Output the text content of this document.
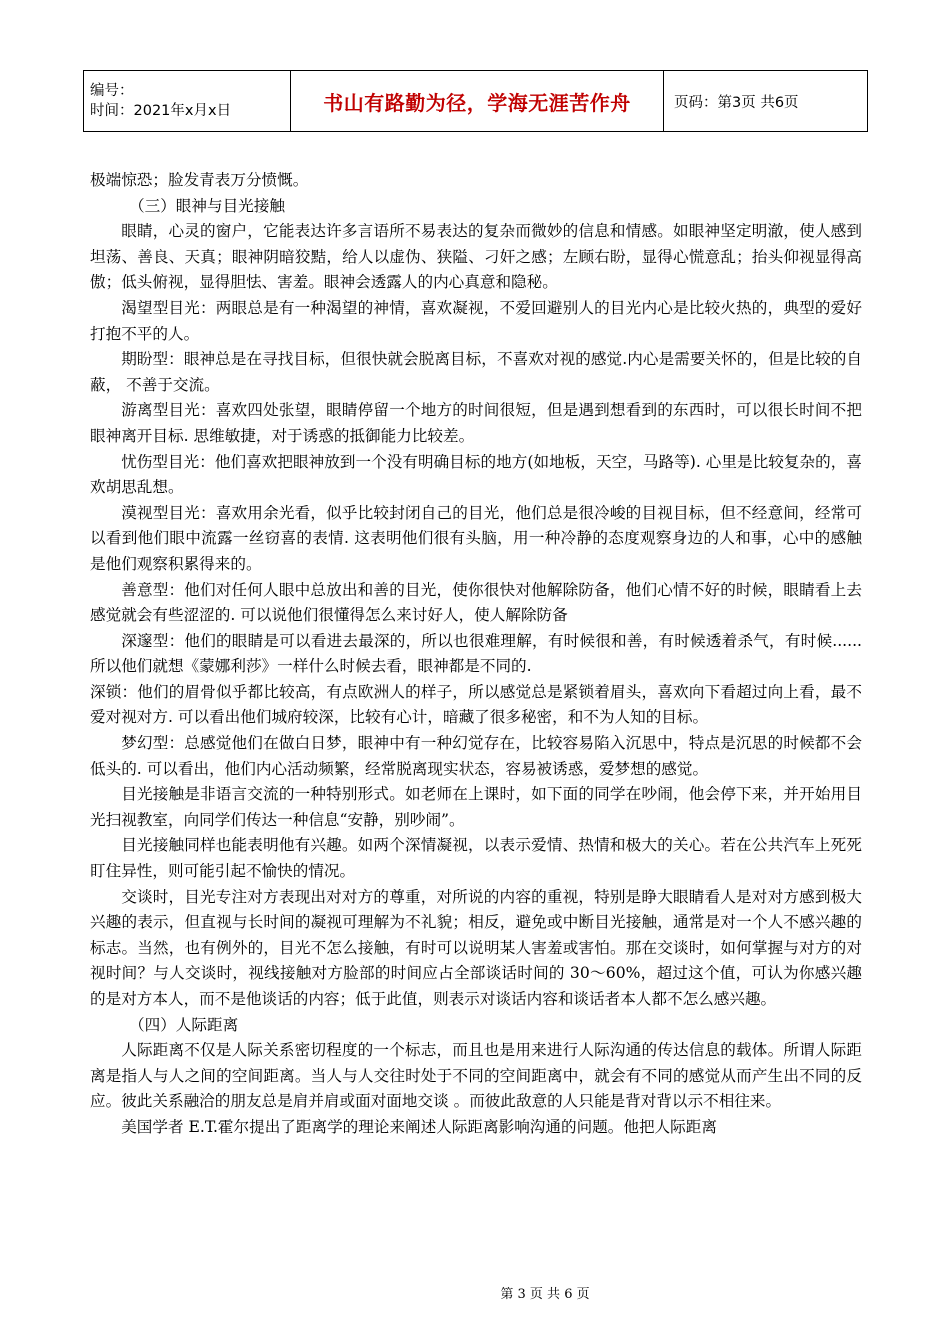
编号：
时间：2021年x月x日	书山有路勤为径，学海无涯苦作舟	页码：第3页 共6页

极端惊恐；脸发青表万分愤慨。

（三）眼神与目光接触

眼睛，心灵的窗户，它能表达许多言语所不易表达的复杂而微妙的信息和情感。如眼神坚定明澈，使人感到坦荡、善良、天真；眼神阴暗狡黠，给人以虚伪、狭隘、刁奸之感；左顾右盼，显得心慌意乱；抬头仰视显得高傲；低头俯视，显得胆怯、害羞。眼神会透露人的内心真意和隐秘。

渴望型目光：两眼总是有一种渴望的神情，喜欢凝视，不爱回避别人的目光内心是比较火热的，典型的爱好打抱不平的人。

期盼型：眼神总是在寻找目标，但很快就会脱离目标，不喜欢对视的感觉.内心是需要关怀的，但是比较的自蔽， 不善于交流。

游离型目光：喜欢四处张望，眼睛停留一个地方的时间很短，但是遇到想看到的东西时，可以很长时间不把眼神离开目标. 思维敏捷，对于诱惑的抵御能力比较差。

忧伤型目光：他们喜欢把眼神放到一个没有明确目标的地方(如地板，天空，马路等). 心里是比较复杂的，喜欢胡思乱想。

漠视型目光：喜欢用余光看，似乎比较封闭自己的目光，他们总是很冷峻的目视目标，但不经意间，经常可以看到他们眼中流露一丝窃喜的表情. 这表明他们很有头脑，用一种冷静的态度观察身边的人和事，心中的感触是他们观察积累得来的。

善意型：他们对任何人眼中总放出和善的目光，使你很快对他解除防备，他们心情不好的时候，眼睛看上去感觉就会有些涩涩的. 可以说他们很懂得怎么来讨好人，使人解除防备

深邃型：他们的眼睛是可以看进去最深的，所以也很难理解，有时候很和善，有时候透着杀气，有时候......所以他们就想《蒙娜利莎》一样什么时候去看，眼神都是不同的.

深锁：他们的眉骨似乎都比较高，有点欧洲人的样子，所以感觉总是紧锁着眉头，喜欢向下看超过向上看，最不爱对视对方. 可以看出他们城府较深，比较有心计，暗藏了很多秘密，和不为人知的目标。

梦幻型：总感觉他们在做白日梦，眼神中有一种幻觉存在，比较容易陷入沉思中，特点是沉思的时候都不会低头的. 可以看出，他们内心活动频繁，经常脱离现实状态，容易被诱惑，爱梦想的感觉。

目光接触是非语言交流的一种特别形式。如老师在上课时，如下面的同学在吵闹，他会停下来，并开始用目光扫视教室，向同学们传达一种信息“安静，别吵闹”。

目光接触同样也能表明他有兴趣。如两个深情凝视，以表示爱情、热情和极大的关心。若在公共汽车上死死盯住异性，则可能引起不愉快的情况。

交谈时，目光专注对方表现出对对方的尊重，对所说的内容的重视，特别是睁大眼睛看人是对对方感到极大兴趣的表示，但直视与长时间的凝视可理解为不礼貌；相反，避免或中断目光接触，通常是对一个人不感兴趣的标志。当然，也有例外的，目光不怎么接触，有时可以说明某人害羞或害怕。那在交谈时，如何掌握与对方的对视时间？与人交谈时，视线接触对方脸部的时间应占全部谈话时间的 30～60%，超过这个值，可认为你感兴趣的是对方本人，而不是他谈话的内容；低于此值，则表示对谈话内容和谈话者本人都不怎么感兴趣。

（四）人际距离

人际距离不仅是人际关系密切程度的一个标志，而且也是用来进行人际沟通的传达信息的载体。所谓人际距离是指人与人之间的空间距离。当人与人交往时处于不同的空间距离中，就会有不同的感觉从而产生出不同的反应。彼此关系融洽的朋友总是肩并肩或面对面地交谈 。而彼此敌意的人只能是背对背以示不相往来。

美国学者 E.T.霍尔提出了距离学的理论来阐述人际距离影响沟通的问题。他把人际距离

第 3 页 共 6 页
